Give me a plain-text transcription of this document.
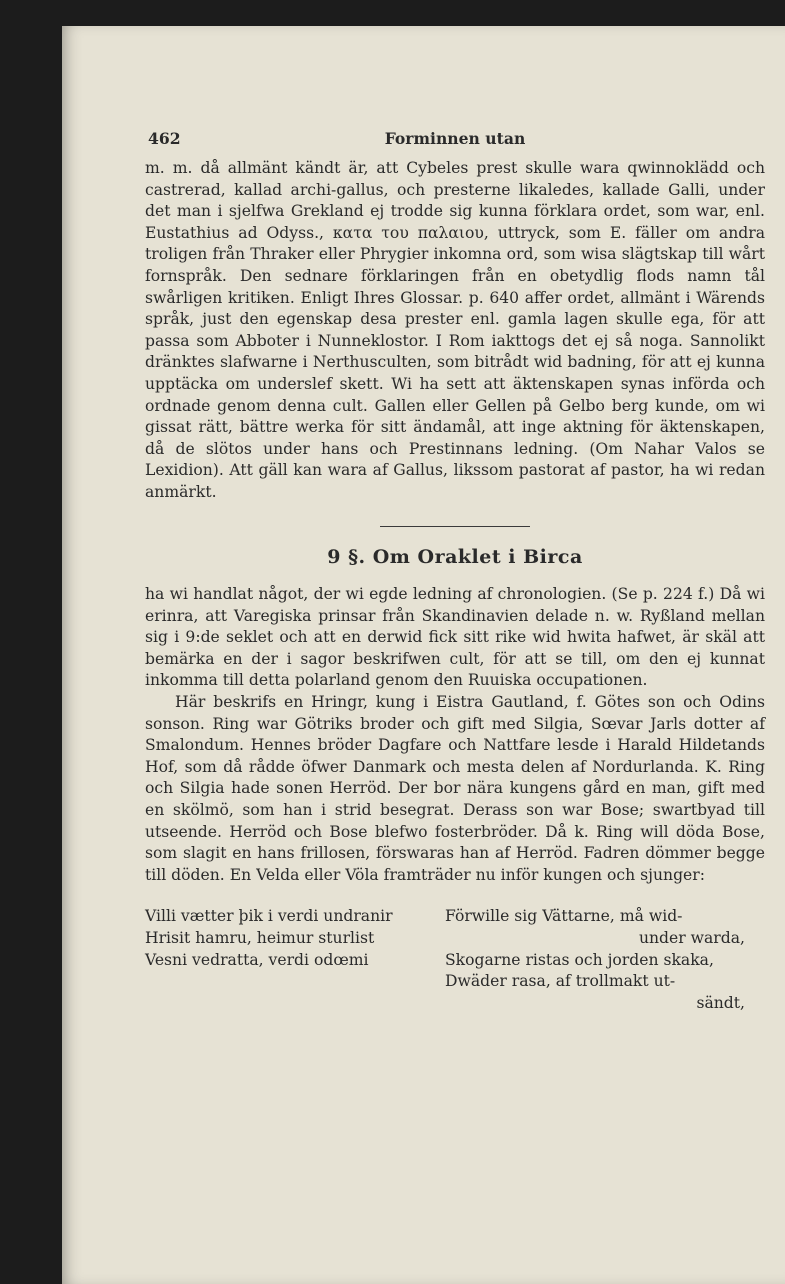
462	Forminnen utan

m. m. då allmänt kändt är, att Cybeles prest skulle wara qwinnoklädd och castrerad, kallad archi-gallus, och presterne likaledes, kallade Galli, under det man i sjelfwa Grekland ej trodde sig kunna förklara ordet, som war, enl. Eustathius ad Odyss., κατα του παλαιου, uttryck, som E. fäller om andra troligen från Thraker eller Phrygier inkomna ord, som wisa slägtskap till wårt fornspråk. Den sednare förklaringen från en obetydlig flods namn tål swårligen kritiken. Enligt Ihres Glossar. p. 640 affer ordet, allmänt i Wärends språk, just den egenskap desa prester enl. gamla lagen skulle ega, för att passa som Abboter i Nunneklostor. I Rom iakttogs det ej så noga. Sannolikt dränktes slafwarne i Nerthusculten, som bitrådt wid badning, för att ej kunna upptäcka om underslef skett. Wi ha sett att äktenskapen synas införda och ordnade genom denna cult. Gallen eller Gellen på Gelbo berg kunde, om wi gissat rätt, bättre werka för sitt ändamål, att inge aktning för äktenskapen, då de slötos under hans och Prestinnans ledning. (Om Nahar Valos se Lexidion). Att gäll kan wara af Gallus, likssom pastorat af pastor, ha wi redan anmärkt.

9 §. Om Oraklet i Birca

ha wi handlat något, der wi egde ledning af chronologien. (Se p. 224 f.) Då wi erinra, att Varegiska prinsar från Skandinavien delade n. w. Ryßland mellan sig i 9:de seklet och att en derwid fick sitt rike wid hwita hafwet, är skäl att bemärka en der i sagor beskrifwen cult, för att se till, om den ej kunnat inkomma till detta polarland genom den Ruuiska occupationen.

Här beskrifs en Hringr, kung i Eistra Gautland, f. Götes son och Odins sonson. Ring war Götriks broder och gift med Silgia, Sœvar Jarls dotter af Smalondum. Hennes bröder Dagfare och Nattfare lesde i Harald Hildetands Hof, som då rådde öfwer Danmark och mesta delen af Nordurlanda. K. Ring och Silgia hade sonen Herröd. Der bor nära kungens gård en man, gift med en skölmö, som han i strid besegrat. Derass son war Bose; swartbyad till utseende. Herröd och Bose blefwo fosterbröder. Då k. Ring will döda Bose, som slagit en hans frillosen, förswaras han af Herröd. Fadren dömmer begge till döden. En Velda eller Völa framträder nu inför kungen och sjunger:

Villi vætter þik i verdi undranir

Hrisit hamru, heimur sturlist

Vesni vedratta, verdi odœmi

Förwille sig Vättarne, må wid-

under warda,

Skogarne ristas och jorden skaka,

Dwäder rasa, af trollmakt ut-

sändt,
